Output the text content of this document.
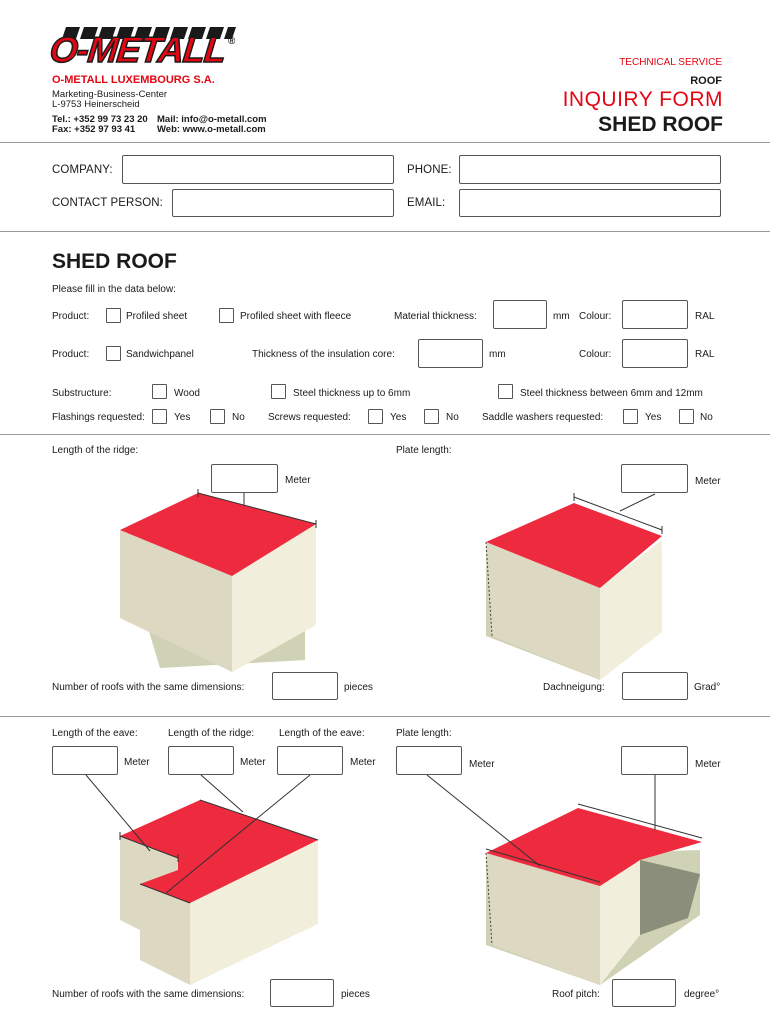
O-METALL ®
O-METALL LUXEMBOURG S.A.
Marketing-Business-Center
L-9753 Heinerscheid
Tel.: +352 99 73 23 20
Fax: +352 97 93 41
Mail: info@o-metall.com
Web: www.o-metall.com
TECHNICAL SERVICE
ROOF
INQUIRY FORM
SHED ROOF
COMPANY:	PHONE:
CONTACT PERSON:	EMAIL:
SHED ROOF
Please fill in the data below:
Product:	Profiled sheet	Profiled sheet with fleece	Material thickness:	mm Colour:	RAL
Product:	Sandwichpanel	Thickness of the insulation core:	mm	Colour:	RAL
Substructure:	Wood	Steel thickness up to 6mm	Steel thickness between 6mm and 12mm
Flashings requested:	Yes	No Screws requested:	Yes	No Saddle washers requested:	Yes	No
Length of the ridge:	Plate length:
Meter	Meter
Number of roofs with the same dimensions:	pieces	Dachneigung:	Grad°
Length of the eave:	Length of the ridge: Length of the eave:	Plate length:
Meter	Meter	Meter	Meter	Meter
Number of roofs with the same dimensions:	pieces	Roof pitch:	degree°
